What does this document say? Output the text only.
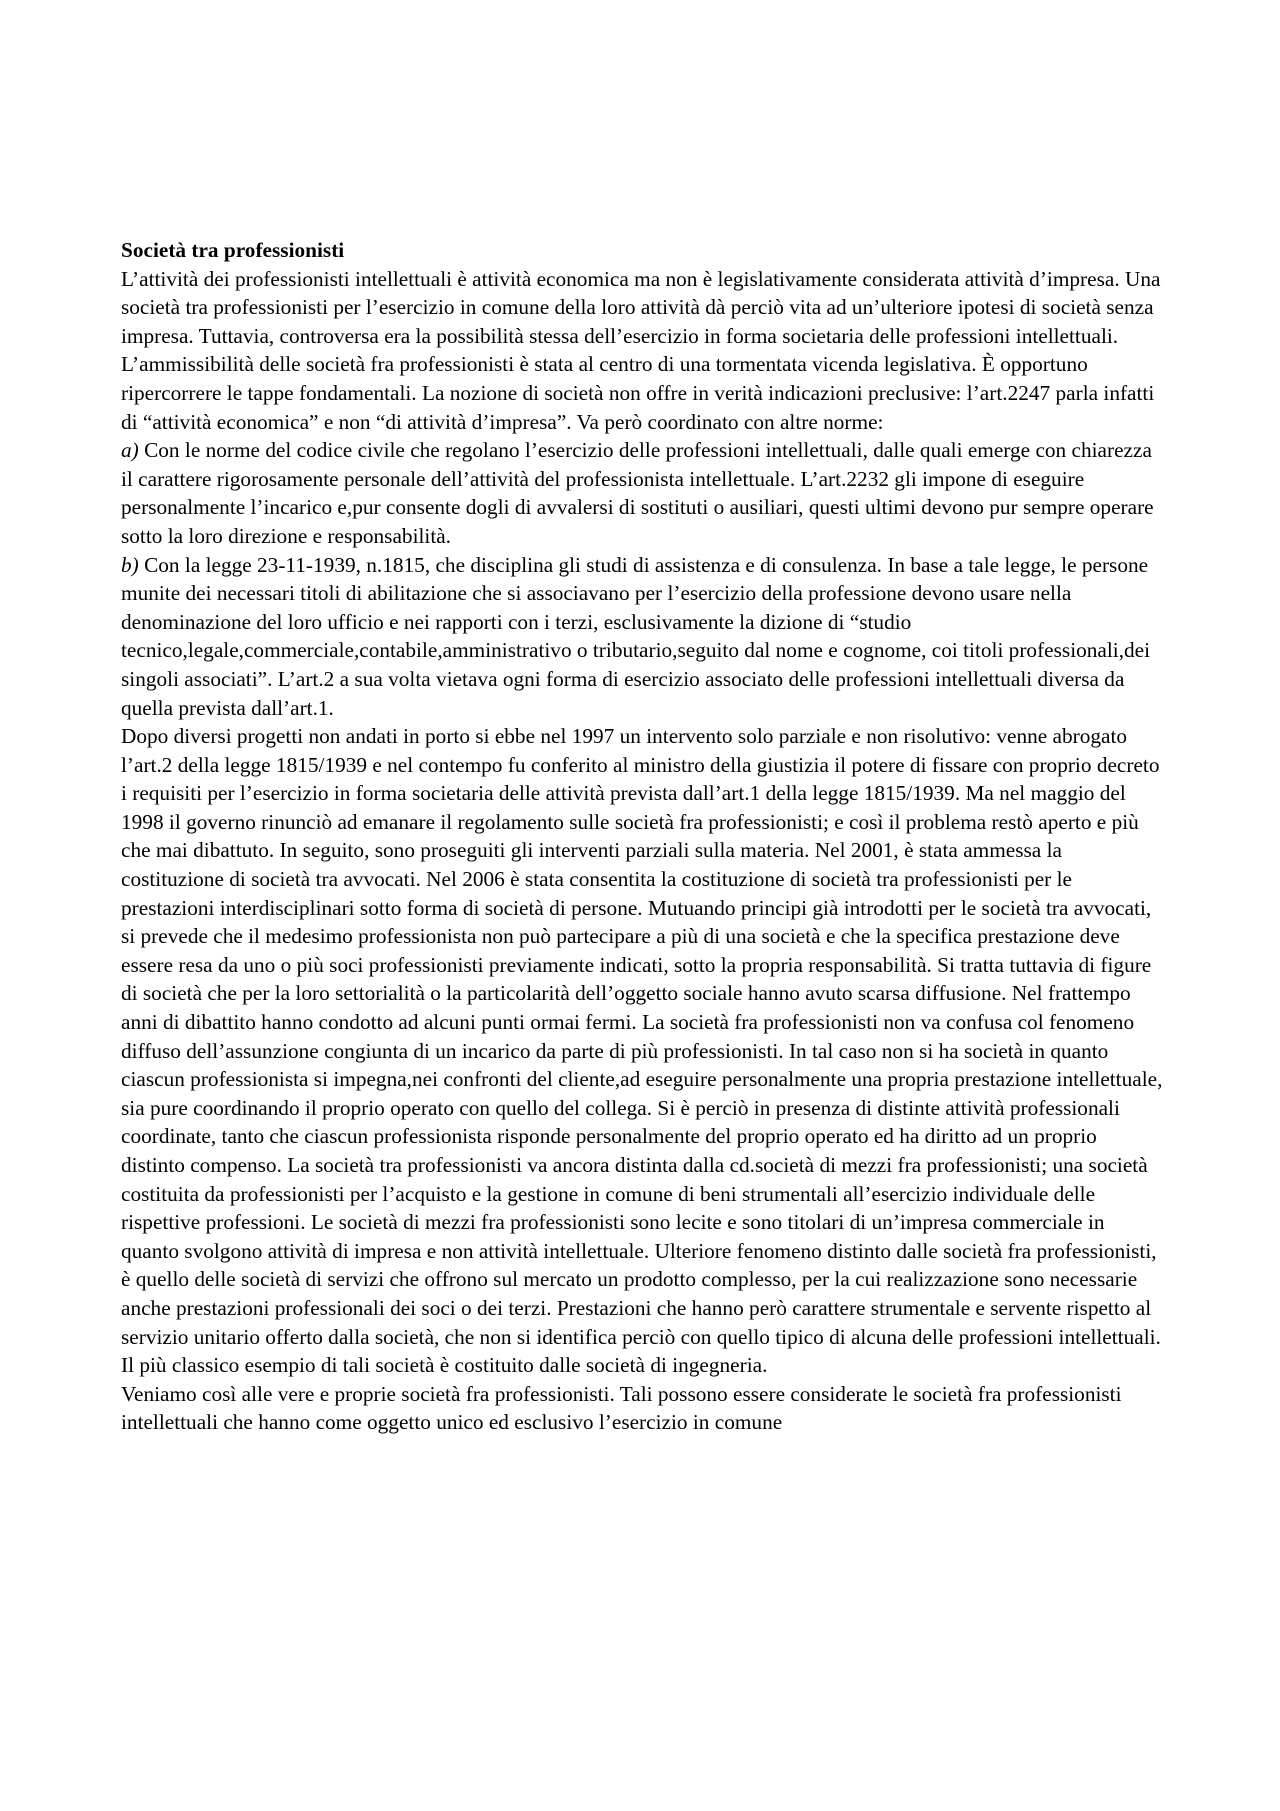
Società tra professionisti

L’attività dei professionisti intellettuali è attività economica ma non è legislativamente considerata attività d’impresa. Una società tra professionisti per l’esercizio in comune della loro attività dà perciò vita ad un’ulteriore ipotesi di società senza impresa. Tuttavia, controversa era la possibilità stessa dell’esercizio in forma societaria delle professioni intellettuali. L’ammissibilità delle società fra professionisti è stata al centro di una tormentata vicenda legislativa. È opportuno ripercorrere le tappe fondamentali. La nozione di società non offre in verità indicazioni preclusive: l’art.2247 parla infatti di “attività economica” e non “di attività d’impresa”. Va però coordinato con altre norme:

a) Con le norme del codice civile che regolano l’esercizio delle professioni intellettuali, dalle quali emerge con chiarezza il carattere rigorosamente personale dell’attività del professionista intellettuale. L’art.2232 gli impone di eseguire personalmente l’incarico e,pur consente dogli di avvalersi di sostituti o ausiliari, questi ultimi devono pur sempre operare sotto la loro direzione e responsabilità.

b) Con la legge 23-11-1939, n.1815, che disciplina gli studi di assistenza e di consulenza. In base a tale legge, le persone munite dei necessari titoli di abilitazione che si associavano per l’esercizio della professione devono usare nella denominazione del loro ufficio e nei rapporti con i terzi, esclusivamente la dizione di “studio tecnico,legale,commerciale,contabile,amministrativo o tributario,seguito dal nome e cognome, coi titoli professionali,dei singoli associati”. L’art.2 a sua volta vietava ogni forma di esercizio associato delle professioni intellettuali diversa da quella prevista dall’art.1.

Dopo diversi progetti non andati in porto si ebbe nel 1997 un intervento solo parziale e non risolutivo: venne abrogato l’art.2 della legge 1815/1939 e nel contempo fu conferito al ministro della giustizia il potere di fissare con proprio decreto i requisiti per l’esercizio in forma societaria delle attività prevista dall’art.1 della legge 1815/1939. Ma nel maggio del 1998 il governo rinunciò ad emanare il regolamento sulle società fra professionisti; e così il problema restò aperto e più che mai dibattuto. In seguito, sono proseguiti gli interventi parziali sulla materia. Nel 2001, è stata ammessa la costituzione di società tra avvocati. Nel 2006 è stata consentita la costituzione di società tra professionisti per le prestazioni interdisciplinari sotto forma di società di persone. Mutuando principi già introdotti per le società tra avvocati, si prevede che il medesimo professionista non può partecipare a più di una società e che la specifica prestazione deve essere resa da uno o più soci professionisti previamente indicati, sotto la propria responsabilità. Si tratta tuttavia di figure di società che per la loro settorialità o la particolarità dell’oggetto sociale hanno avuto scarsa diffusione. Nel frattempo anni di dibattito hanno condotto ad alcuni punti ormai fermi. La società fra professionisti non va confusa col fenomeno diffuso dell’assunzione congiunta di un incarico da parte di più professionisti. In tal caso non si ha società in quanto ciascun professionista si impegna,nei confronti del cliente,ad eseguire personalmente una propria prestazione intellettuale, sia pure coordinando il proprio operato con quello del collega. Si è perciò in presenza di distinte attività professionali coordinate, tanto che ciascun professionista risponde personalmente del proprio operato ed ha diritto ad un proprio distinto compenso. La società tra professionisti va ancora distinta dalla cd.società di mezzi fra professionisti; una società costituita da professionisti per l’acquisto e la gestione in comune di beni strumentali all’esercizio individuale delle rispettive professioni. Le società di mezzi fra professionisti sono lecite e sono titolari di un’impresa commerciale in quanto svolgono attività di impresa e non attività intellettuale. Ulteriore fenomeno distinto dalle società fra professionisti, è quello delle società di servizi che offrono sul mercato un prodotto complesso, per la cui realizzazione sono necessarie anche prestazioni professionali dei soci o dei terzi. Prestazioni che hanno però carattere strumentale e servente rispetto al servizio unitario offerto dalla società, che non si identifica perciò con quello tipico di alcuna delle professioni intellettuali. Il più classico esempio di tali società è costituito dalle società di ingegneria.

Veniamo così alle vere e proprie società fra professionisti. Tali possono essere considerate le società fra professionisti intellettuali che hanno come oggetto unico ed esclusivo l’esercizio in comune
